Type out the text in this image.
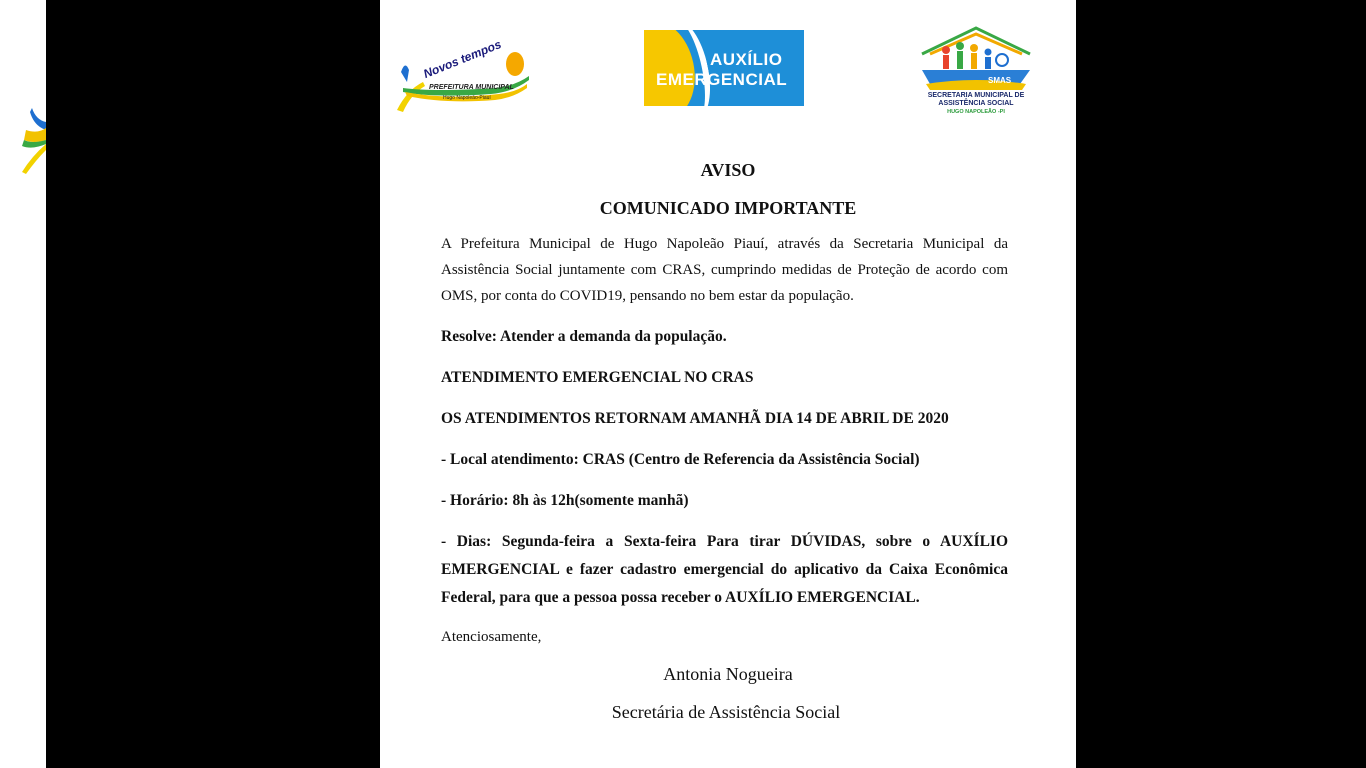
Novos tempos
PREFEITURA MUNICIPAL
Hugo Napoleão-Piauí
AUXÍLIO
EMERGENCIAL	SMAS
SECRETARIA MUNICIPAL DE
ASSISTÊNCIA SOCIAL
HUGO NAPOLEÃO -PI
AVISO
COMUNICADO IMPORTANTE
A Prefeitura Municipal de Hugo Napoleão Piauí, através da Secretaria Municipal da Assistência Social juntamente com CRAS, cumprindo medidas de Proteção de acordo com OMS, por conta do COVID19, pensando no bem estar da população.
Resolve: Atender a demanda da população.
ATENDIMENTO EMERGENCIAL NO CRAS
OS ATENDIMENTOS RETORNAM AMANHÃ DIA 14 DE ABRIL DE 2020
- Local atendimento: CRAS (Centro de Referencia da Assistência Social)
- Horário: 8h às 12h(somente manhã)
- Dias: Segunda-feira a Sexta-feira Para tirar DÚVIDAS, sobre o AUXÍLIO EMERGENCIAL e fazer cadastro emergencial do aplicativo da Caixa Econômica Federal, para que a pessoa possa receber o AUXÍLIO EMERGENCIAL.
Atenciosamente,
Antonia Nogueira
Secretária de Assistência Social
